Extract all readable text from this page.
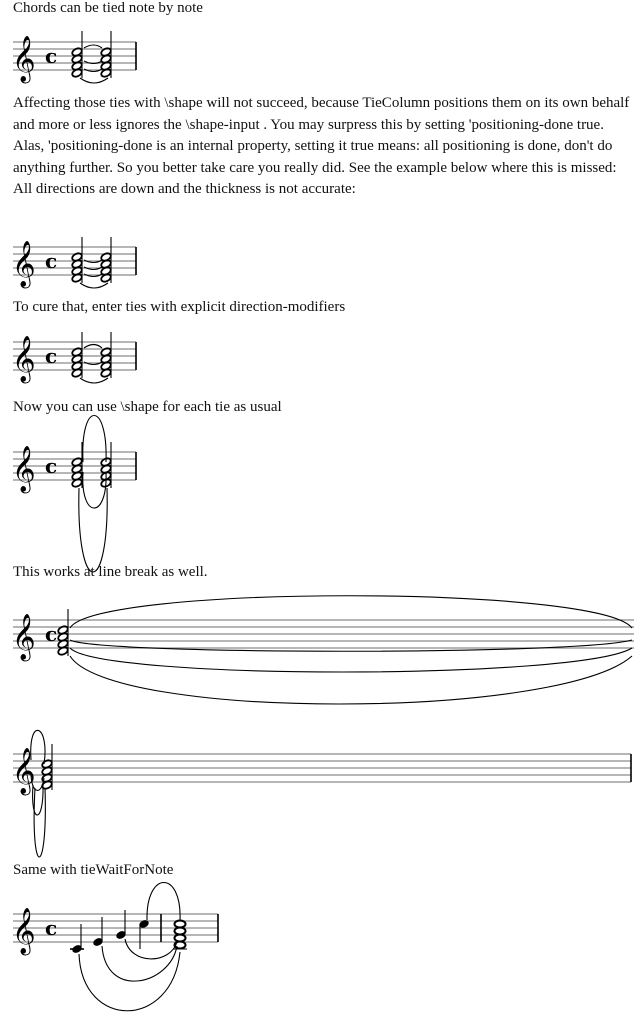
Chords can be tied note by note
𝄞 c
Affecting those ties with \shape will not succeed, because TieColumn positions them on its own behalf and more or less ignores the \shape-input . You may surpress this by setting 'positioning-done true. Alas, 'positioning-done is an internal property, setting it true means: all positioning is done, don't do anything further. So you better take care you really did. See the example below where this is missed: All directions are down and the thickness is not accurate:
𝄞 c
To cure that, enter ties with explicit direction-modifiers
𝄞 c
Now you can use \shape for each tie as usual
𝄞 c
This works at line break as well.
𝄞 c
𝄞
Same with tieWaitForNote
𝄞 c
